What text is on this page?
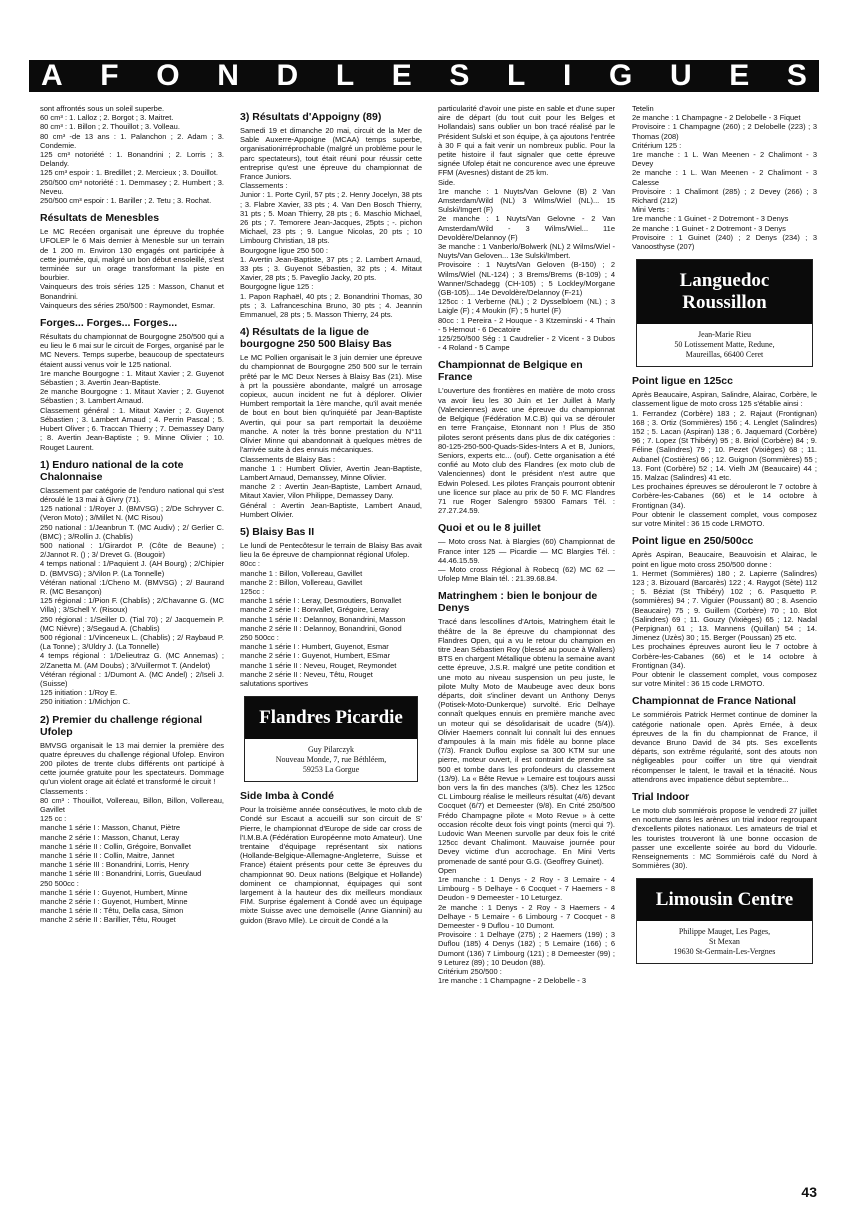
A F O N D L E S L I G U E S

sont affrontés sous un soleil superbe.
60 cm³ : 1. Lalloz ; 2. Borgot ; 3. Maitret.
80 cm³ : 1. Billon ; 2. Thouillot ; 3. Volleau.
80 cm³ -de 13 ans : 1. Palanchon ; 2. Adam ; 3. Condemie.
125 cm³ notoriété : 1. Bonandrini ; 2. Lorris ; 3. Delandy.
125 cm³ espoir : 1. Bredillet ; 2. Mercieux ; 3. Douillot.
250/500 cm³ notoriété : 1. Demmasey ; 2. Humbert ; 3. Neveu.
250/500 cm³ espoir : 1. Bariller ; 2. Tetu ; 3. Rochat.

Résultats de Menesbles

Le MC Recéen organisait une épreuve du trophée UFOLEP le 6 Mais dernier à Menesble sur un terrain de 1 200 m. Environ 130 engagés ont participée à cette journée, qui, malgré un bon début ensoleillé, s'est terminée sur un orage transformant la piste en bourbier.
Vainqueurs des trois séries 125 : Masson, Chanut et Bonandrini.
Vainqueurs des séries 250/500 : Raymondet, Esmar.

Forges... Forges... Forges...

Résultats du championnat de Bourgogne 250/500 qui a eu lieu le 6 mai sur le circuit de Forges, organisé par le MC Nevers. Temps superbe, beaucoup de spectateurs étaient aussi venus voir le 125 national.
1re manche Bourgogne : 1. Mitaut Xavier ; 2. Guyenot Sébastien ; 3. Avertin Jean-Baptiste.
2e manche Bourgogne : 1. Mitaut Xavier ; 2. Guyenot Sébastien ; 3. Lambert Arnaud.
Classement général : 1. Mitaut Xavier ; 2. Guyenot Sébastien ; 3. Lambert Arnaud ; 4. Perrin Pascal ; 5. Hubert Oliver ; 6. Traccan Thierry ; 7. Demassey Dany ; 8. Avertin Jean-Baptiste ; 9. Minne Olivier ; 10. Rouget Laurent.

1) Enduro national de la cote Chalonnaise

Classement par catégorie de l'enduro national qui s'est déroulé le 13 mai à Givry (71).
125 national : 1/Royer J. (BMVSG) ; 2/De Schryver C. (Veron Moto) ; 3/Millet N. (MC Risou)
250 national : 1/Jeanbrun T. (MC Audiv) ; 2/ Gerlier C. (BMC) ; 3/Rollin J. (Chablis)
500 national : 1/Girardot P. (Côte de Beaune) ; 2/Jannot R. () ; 3/ Drevet G. (Bougoir)
4 temps national : 1/Paquient J. (AH Bourg) ; 2/Chipier D. (BMVSG) ; 3/Vilon P. (La Tonnelle)
Vétéran national :1/Cheno M. (BMVSG) ; 2/ Baurand R. (MC Besançon)
125 régional : 1/Pion F. (Chablis) ; 2/Chavanne G. (MC Villa) ; 3/Schell Y. (Risoux)
250 régional : 1/Seiller D. (Tial 70) ; 2/ Jacquemein P. (MC Nièvre) ; 3/Segaud A. (Chablis)
500 régional : 1/Vinceneux L. (Chablis) ; 2/ Raybaud P. (La Tonne) ; 3/Uldry J. (La Tonnelle)
4 temps régional : 1/Delieutraz G. (MC Annemas) ; 2/Zanetta M. (AM Doubs) ; 3/Vuillermot T. (Andelot)
Vétéran régional : 1/Dumont A. (MC Andel) ; 2/Iseli J. (Suisse)
125 initiation : 1/Roy E.
250 initiation : 1/Michjon C.

2) Premier du challenge régional Ufolep

BMVSG organisait le 13 mai dernier la première des quatre épreuves du challenge régional Ufolep. Environ 200 pilotes de trente clubs différents ont participé à cette journée gratuite pour les spectateurs. Dommage qu'un violent orage ait éclaté et transformé le circuit !
Classements :
80 cm³ : Thouillot, Vollereau, Billon, Billon, Vollereau, Gavillet
125 cc :
manche 1 série I : Masson, Chanut, Piètre
manche 2 série I : Masson, Chanut, Leray
manche 1 série II : Collin, Grégoire, Bonvallet
manche 1 série II : Collin, Maitre, Jannet
manche 1 série III : Bonandrini, Lorris, Henry
manche 1 série III : Bonandrini, Lorris, Gueulaud
250 500cc :
manche 1 série I : Guyenot, Humbert, Minne
manche 2 série I : Guyenot, Humbert, Minne
manche 1 série II : Têtu, Della casa, Simon
manche 2 série II : Barillier, Têtu, Rouget

3) Résultats d'Appoigny (89)

Samedi 19 et dimanche 20 mai, circuit de la Mer de Sable Auxerre-Appoigne (MCAA) temps superbe, organisationirréprochable (malgré un problème pour le parc spectateurs), tout était réuni pour réussir cette entreprise qu'est une épreuve du championnat de France Juniors.
Classements :
Junior : 1. Porte Cyril, 57 pts ; 2. Henry Jocelyn, 38 pts ; 3. Flabre Xavier, 33 pts ; 4. Van Den Bosch Thierry, 31 pts ; 5. Moan Thierry, 28 pts ; 6. Maschio Michael, 26 pts ; 7. Temorere Jean-Jacques, 25pts ; -. pichon Michael, 23 pts ; 9. Langue Nicolas, 20 pts ; 10 Limbourg Christian, 18 pts.
Bourgogne ligue 250 500 :
1. Avertin Jean-Baptiste, 37 pts ; 2. Lambert Arnaud, 33 pts ; 3. Guyenot Sébastien, 32 pts ; 4. Mitaut Xavier, 28 pts ; 5. Paveglio Jacky, 20 pts.
Bourgogne ligue 125 :
1. Papon Raphaël, 40 pts ; 2. Bonandrini Thomas, 30 pts ; 3. Lafranceschina Bruno, 30 pts ; 4. Jeannin Emmanuel, 28 pts ; 5. Masson Thierry, 24 pts.

4) Résultats de la ligue de bourgogne 250 500 Blaisy Bas

Le MC Pollien organisait le 3 juin dernier une épreuve du championnat de Bourgogne 250 500 sur le terrain prêté par le MC Deux Nerses à Blaisy Bas (21). Mise à prt la poussière abondante, malgré un arrosage copieux, aucun incident ne fut à déplorer. Olivier Humbert remportait la 1ère manche, qu'il avait menée de bout en bout bien qu'inquiété par Jean-Baptiste Avertin, qui pour sa part remportait la deuxième manche. A noter la très bonne prestation du N°11 Olivier Minne qui abandonnait à quelques mètres de l'arrivée suite à des ennuis mécaniques.
Classements de Blaisy Bas :
manche 1 : Humbert Olivier, Avertin Jean-Baptiste, Lambert Arnaud, Demanssey, Minne Olivier.
manche 2 : Avertin Jean-Baptiste, Lambert Arnaud, Mitaut Xavier, Vilon Philippe, Demassey Dany.
Général : Avertin Jean-Baptiste, Lambert Anaud, Humbert Olivier.

5) Blaisy Bas II

Le lundi de Pentecôtesur le terrain de Blaisy Bas avait lieu la 6e épreuve de championnat régional Ufolep.
80cc :
manche 1 : Billon, Vollereau, Gavillet
manche 2 : Billon, Vollereau, Gavillet
125cc :
manche 1 série I : Leray, Desmoutiers, Bonvallet
manche 2 série I : Bonvallet, Grégoire, Leray
manche 1 série II : Delannoy, Bonandrini, Masson
manche 2 série II : Delannoy, Bonandrini, Gonod
250 500cc :
manche 1 série I : Humbert, Guyenot, Esmar
manche 2 série I : Guyenot, Humbert, ESmar
manche 1 série II : Neveu, Rouget, Reymondet
manche 2 série II : Neveu, Têtu, Rouget
salutations sportives

Flandres Picardie
Guy Pilarczyk
Nouveau Monde, 7, rue Béthléem,
59253 La Gorgue
Side Imba à Condé

Pour la troisième année consécutives, le moto club de Condé sur Escaut a accueilli sur son circuit de S' Pierre, le championnat d'Europe de side car cross de l'I.M.B.A (Fédération Européenne moto Amateur). Une trentaine d'équipage représentant six nations (Hollande-Belgique-Allemagne-Angleterre, Suisse et France) étaient présents pour cette 3e épreuves du championnat 90. Deux nations (Belgique et Hollande) dominent ce championnat, équipages qui sont largement à la hauteur des dix meilleurs mondiaux FIM. Surprise également à Condé avec un équipage mixte Suisse avec une demoiselle (Anne Giannini) au guidon (Bravo Mlle). Le circuit de Condé a la

particularité d'avoir une piste en sable et d'une super aire de départ (du tout cuit pour les Belges et Hollandais) sans oublier un bon tracé réalisé par le Président Sulski et son équipe, à ça ajoutons l'entrée à 30 F qui a fait venir un nombreux public. Pour la petite histoire il faut signaler que cette épreuve signée Ufolep était ne concurence avec une épreuve FFM (Avesnes) distant de 25 km.
Side.
1re manche : 1 Nuyts/Van Gelovne (B) 2 Van Amsterdam/Wild (NL) 3 Wilms/Wiel (NL)... 15 Sulski/Imgert (F)
2e manche : 1 Nuyts/Van Gelovne - 2 Van Amsterdam/Wild - 3 Wilms/Wiel... 11e Devoldère/Delannoy (F)
3e manche : 1 Vanberlo/Bolwerk (NL) 2 Wilms/Wiel - Nuyts/Van Geloven... 13e Sulski/Imbert.
Provisoire : 1 Nuyts/Van Geloven (B-150) ; 2 Wilms/Wiel (NL-124) ; 3 Brems/Brems (B-109) ; 4 Wanner/Schadegg (CH-105) ; 5 Lockley/Morgane (GB-105)... 14e Devoldère/Delannoy (F-21)
125cc : 1 Verberne (NL) ; 2 Dysselbloem (NL) ; 3 Laigle (F) ; 4 Moukin (F) ; 5 hurtel (F)
80cc : 1 Pereira - 2 Houque - 3 Ktzeminski - 4 Thain - 5 Hernout - 6 Decatoire
125/250/500 Ség : 1 Caudrelier - 2 Vicent - 3 Dubos - 4 Roland - 5 Campe

Championnat de Belgique en France

L'ouverture des frontières en matière de moto cross va avoir lieu les 30 Juin et 1er Juillet à Marly (Valenciennes) avec une épreuve du championnat de Belgique (Fédération M.C.B) qui va se dérouler en terre Française, Etonnant non ! Plus de 350 pilotes seront présents dans plus de dix catégories : 80-125-250-500-Quads-Sides-Inters A et B, Juniors, Seniors, experts etc... (ouf). Cette organisation a été confié au Moto club des Flandres (ex moto club de Valenciennes) dont le président n'est autre que Edwin Polesed. Les pilotes Français pourront obtenir une licence sur place au prix de 50 F. MC Flandres 71 rue Roger Salengro 59300 Famars Tél. : 27.27.24.59.

Quoi et ou le 8 juillet

— Moto cross Nat. à Blargies (60) Championnat de France inter 125 — Picardie — MC Blargies Tél. : 44.46.15.59.
— Moto cross Régional à Robecq (62) MC 62 — Ufolep Mme Blain tél. : 21.39.68.84.

Matringhem : bien le bonjour de Denys

Tracé dans lescollines d'Artois, Matringhem était le théâtre de la 8e épreuve du championnat des Flandres Open, qui a vu le retour du champion en titre Jean Sébastien Roy (blessé au pouce à Wallers) BTS en chargent Métallique obtenu la semaine avant cette épreuve, J.S.R. malgré une petite condition et une moto au niveau suspension un peu juste, le pilote Multy Moto de Maubeuge avec deux bons départs, doit s'incliner devant un Anthony Denys (Potisek-Moto-Dunkerque) survolté. Eric Delhaye connaît quelques ennuis en première manche avec un moteur qui se désolidarisait de ucadre (5/4)). Olivier Haemers connaît lui connaît lui des ennues d'ampoules à la main mis fidèle au bonne place (7/3). Franck Duflou explose sa 300 KTM sur une pierre, moteur ouvert, il est contraint de prendre sa 500 et tombe dans les profondeurs du classement (13/9). La « Bête Revue » Lemaire est toujours aussi bon vers la fin des manches (3/5). Chez les 125cc CL Limbourg réalise le meilleurs résultat (4/6) devant Cocquet (6/7) et Demeester (9/8). En Crité 250/500 Frédo Champagne pilote « Moto Revue » à cette occasion récolte deux fois vingt points (merci qui ?). Ludovic Wan Meenen survolle par deux fois le crité 125cc devant Chalimont. Mauvaise journée pour Devey victime d'un accrochage. En Mini Verts promenade de santé pour G.G. (Geoffrey Guinet).
Open
1re manche : 1 Denys - 2 Roy - 3 Lemaire - 4 Limbourg - 5 Delhaye - 6 Cocquet - 7 Haemers - 8 Deudon - 9 Demeester - 10 Leturgez.
2e manche : 1 Denys - 2 Roy - 3 Haemers - 4 Delhaye - 5 Lemaire - 6 Limbourg - 7 Cocquet - 8 Demeester - 9 Duflou - 10 Dumont.
Provisoire : 1 Delhaye (275) ; 2 Haemers (199) ; 3 Duflou (185) 4 Denys (182) ; 5 Lemaire (166) ; 6 Dumont (136) 7 Limbourg (121) ; 8 Demeester (99) ; 9 Leturez (89) ; 10 Deudon (88).
Critérium 250/500 :
1re manche : 1 Champagne - 2 Delobelle - 3

Tetelin
2e manche : 1 Champagne - 2 Delobelle - 3 Fiquet
Provisoire : 1 Champagne (260) ; 2 Delobelle (223) ; 3 Thomas (208)
Critérium 125 :
1re manche : 1 L. Wan Meenen - 2 Chalimont - 3 Devey
2e manche : 1 L. Wan Meenen - 2 Chalimont - 3 Calesse
Provisoire : 1 Chalimont (285) ; 2 Devey (266) ; 3 Richard (212)
Mini Verts :
1re manche : 1 Guinet - 2 Dotremont - 3 Denys
2e manche : 1 Guinet - 2 Dotremont - 3 Denys
Provisoire : 1 Guinet (240) ; 2 Denys (234) ; 3 Vanoosthyse (207)

Languedoc Roussillon
Jean-Marie Rieu
50 Lotissement Matte, Redune,
Maureillas, 66400 Ceret
Point ligue en 125cc

Après Beaucaire, Aspiran, Salindre, Alairac, Corbère, le classement ligue de moto cross 125 s'établie ainsi :
1. Ferrandez (Corbère) 183 ; 2. Rajaut (Frontignan) 168 ; 3. Ortiz (Sommières) 156 ; 4. Lenglet (Salindres) 152 ; 5. Lacan (Aspiran) 138 ; 6. Jaquemard (Corbère) 96 ; 7. Lopez (St Thibéry) 95 ; 8. Briol (Corbère) 84 ; 9. Féline (Salindres) 79 ; 10. Pezet (Vixièges) 68 ; 11. Aubanel (Costières) 66 ; 12. Guignon (Sommières) 55 ; 13. Font (Corbère) 52 ; 14. Vielh JM (Beaucaire) 44 ; 15. Malzac (Salindres) 41 etc.
Les prochaines épreuves se dérouleront le 7 octobre à Corbère-les-Cabanes (66) et le 14 octobre à Frontignan (34).
Pour obtenir le classement complet, vous composez sur votre Minitel : 36 15 code LRMOTO.

Point ligue en 250/500cc

Après Aspiran, Beaucaire, Beauvoisin et Alairac, le point en ligue moto cross 250/500 donne :
1. Hermet (Sommières) 180 ; 2. Lapierre (Salindres) 123 ; 3. Bizouard (Barcarès) 122 ; 4. Raygot (Sète) 112 ; 5. Béziat (St Thibéry) 102 ; 6. Pasquetto P. (sommières) 94 ; 7. Viguier (Poussant) 80 ; 8. Asencio (Beaucaire) 75 ; 9. Guillem (Corbère) 70 ; 10. Blot (Salindres) 69 ; 11. Gouzy (Vixièges) 65 ; 12. Nadal (Perpignan) 61 ; 13. Mannens (Quillan) 54 ; 14. Jimenez (Uzès) 30 ; 15. Berger (Poussan) 25 etc.
Les prochaines épreuves auront lieu le 7 octobre à Corbère-les-Cabanes (66) et le 14 octobre à Frontignan (34).
Pour obtenir le classement complet, vous composez sur votre Minitel : 36 15 code LRMOTO.

Championnat de France National

Le sommiérois Patrick Hermet continue de dominer la catégorie nationale open. Après Ernée, à deux épreuves de la fin du championnat de France, il devance Bruno David de 34 pts. Ses excellents départs, son extrême régularité, sont des atouts non négligeables pour coiffer un titre qui viendrait récompenser le talent, le travail et la ténacité. Nous attendrons avec impatience début septembre...

Trial Indoor

Le moto club sommiérois propose le vendredi 27 juillet en nocturne dans les arènes un trial indoor regroupant d'excellents pilotes nationaux. Les amateurs de trial et les touristes trouveront là une bonne occasion de passer une excellente soirée au bord du Vidourle. Renseignements : MC Sommiérois café du Nord à Sommières (30).

Limousin Centre
Philippe Mauget, Les Pages,
St Mexan
19630 St-Germain-Les-Vergnes
43
